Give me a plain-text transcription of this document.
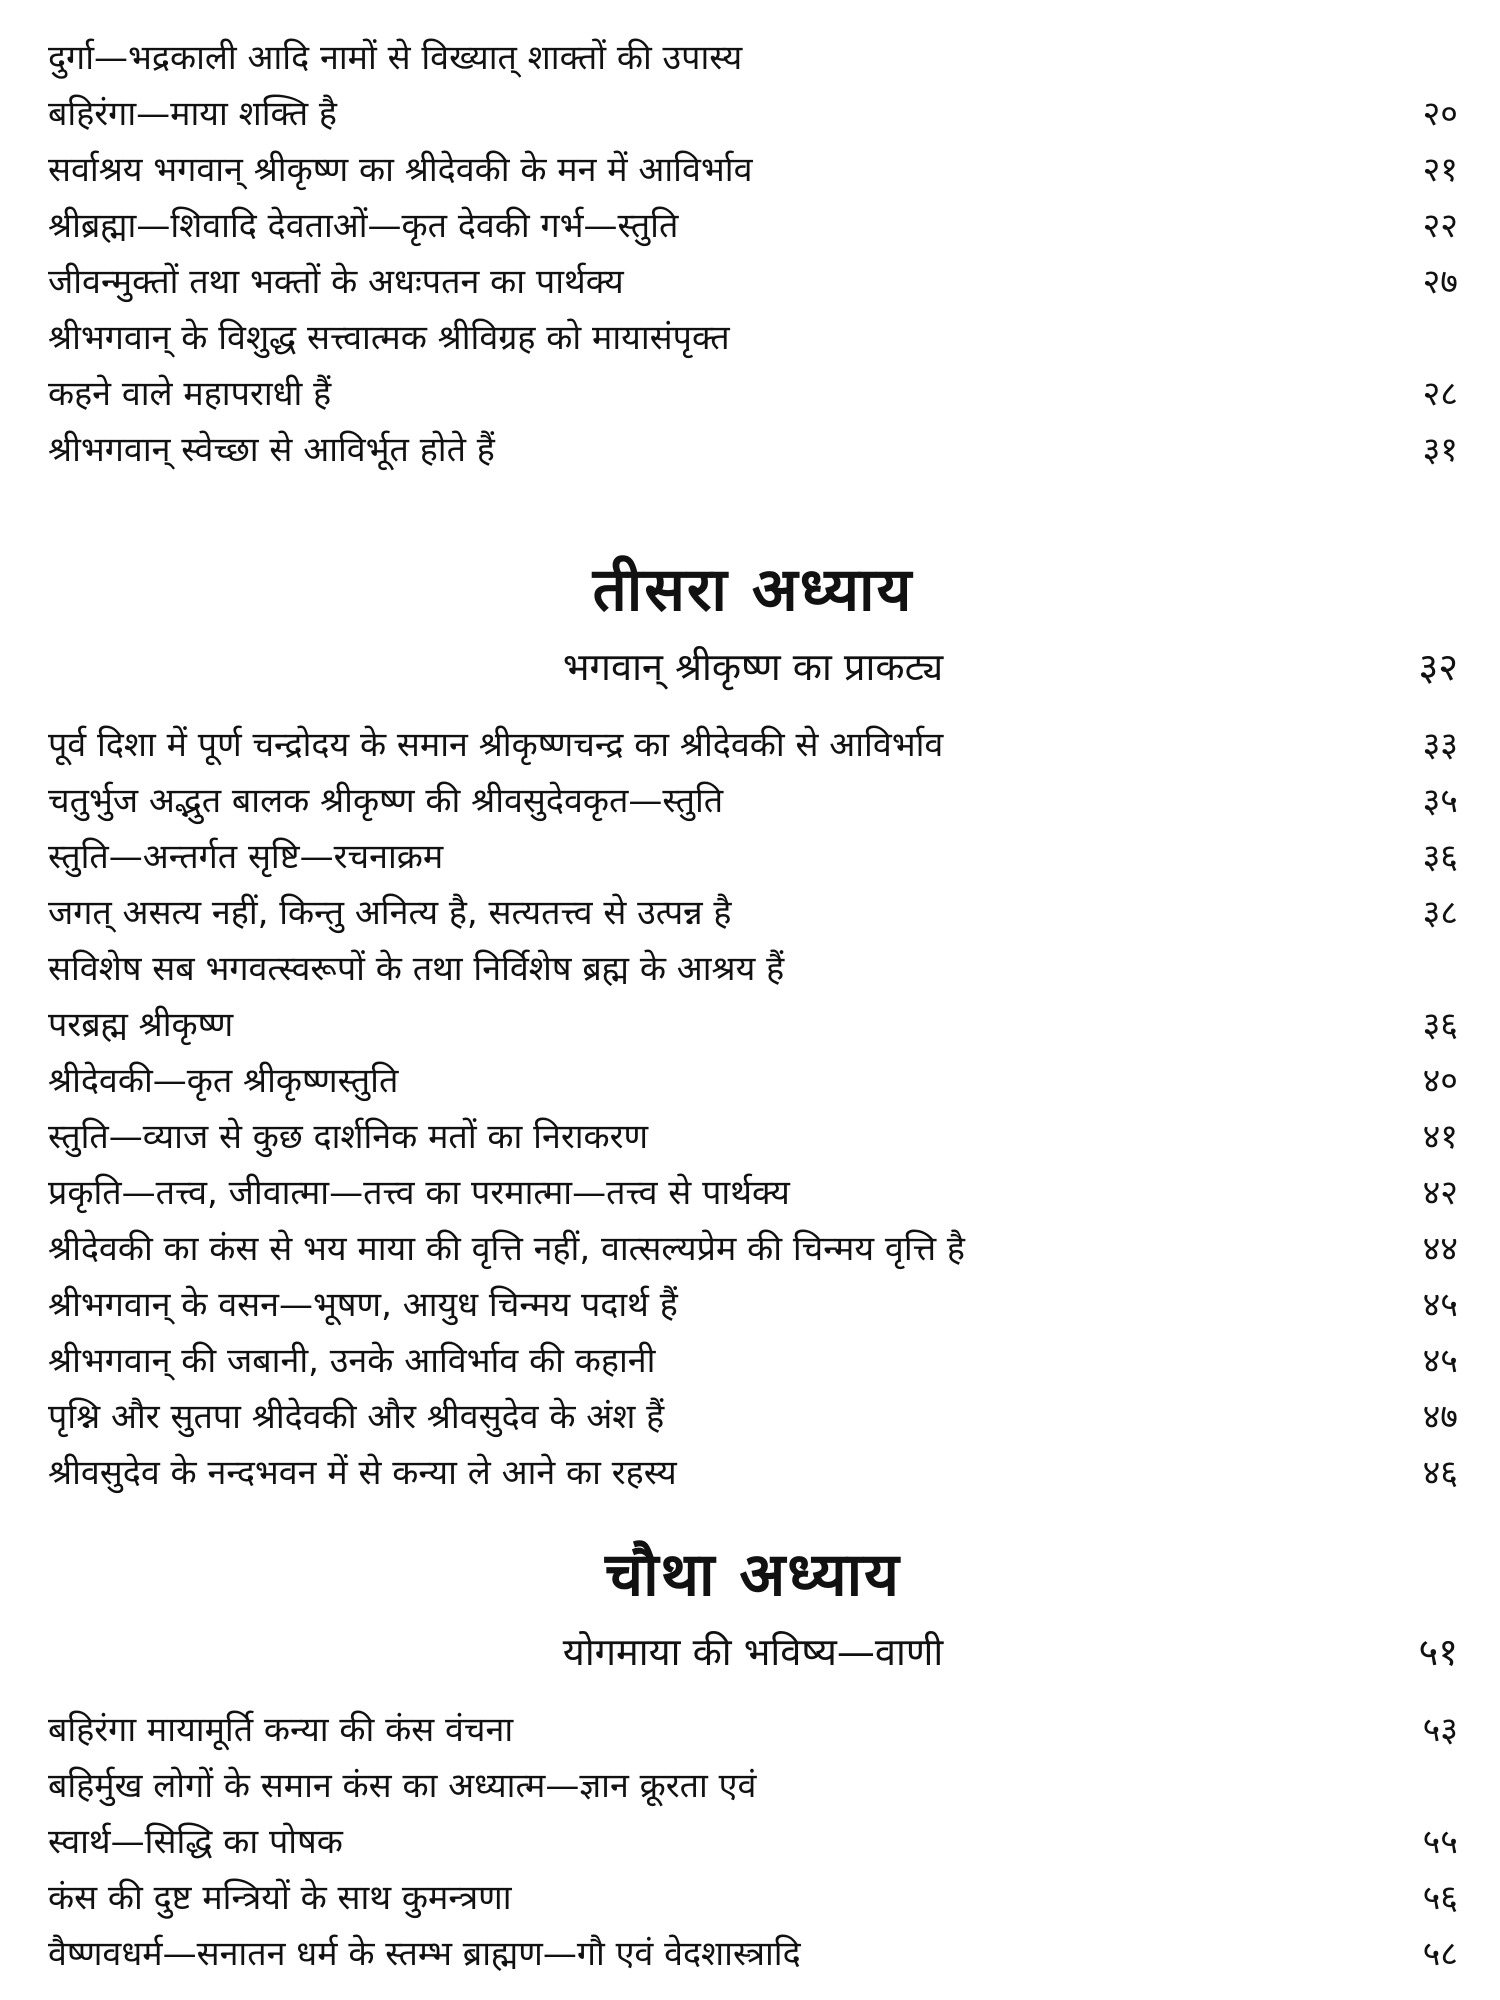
दुर्गा—भद्रकाली आदि नामों से विख्यात् शाक्तों की उपास्य
बहिरंगा—माया शक्ति है	२०
सर्वाश्रय भगवान् श्रीकृष्ण का श्रीदेवकी के मन में आविर्भाव	२१
श्रीब्रह्मा—शिवादि देवताओं—कृत देवकी गर्भ—स्तुति	२२
जीवन्मुक्तों तथा भक्तों के अधःपतन का पार्थक्य	२७
श्रीभगवान् के विशुद्ध सत्त्वात्मक श्रीविग्रह को मायासंपृक्त
कहने वाले महापराधी हैं	२८
श्रीभगवान् स्वेच्छा से आविर्भूत होते हैं	३१
तीसरा अध्याय
भगवान् श्रीकृष्ण का प्राकट्य	३२
पूर्व दिशा में पूर्ण चन्द्रोदय के समान श्रीकृष्णचन्द्र का श्रीदेवकी से आविर्भाव	३३
चतुर्भुज अद्भुत बालक श्रीकृष्ण की श्रीवसुदेवकृत—स्तुति	३५
स्तुति—अन्तर्गत सृष्टि—रचनाक्रम	३६
जगत् असत्य नहीं, किन्तु अनित्य है, सत्यतत्त्व से उत्पन्न है	३८
सविशेष सब भगवत्स्वरूपों के तथा निर्विशेष ब्रह्म के आश्रय हैं
परब्रह्म श्रीकृष्ण	३६
श्रीदेवकी—कृत श्रीकृष्णस्तुति	४०
स्तुति—व्याज से कुछ दार्शनिक मतों का निराकरण	४१
प्रकृति—तत्त्व, जीवात्मा—तत्त्व का परमात्मा—तत्त्व से पार्थक्य	४२
श्रीदेवकी का कंस से भय माया की वृत्ति नहीं, वात्सल्यप्रेम की चिन्मय वृत्ति है	४४
श्रीभगवान् के वसन—भूषण, आयुध चिन्मय पदार्थ हैं	४५
श्रीभगवान् की जबानी, उनके आविर्भाव की कहानी	४५
पृश्नि और सुतपा श्रीदेवकी और श्रीवसुदेव के अंश हैं	४७
श्रीवसुदेव के नन्दभवन में से कन्या ले आने का रहस्य	४६
चौथा अध्याय
योगमाया की भविष्य—वाणी	५१
बहिरंगा मायामूर्ति कन्या की कंस वंचना	५३
बहिर्मुख लोगों के समान कंस का अध्यात्म—ज्ञान क्रूरता एवं
स्वार्थ—सिद्धि का पोषक	५५
कंस की दुष्ट मन्त्रियों के साथ कुमन्त्रणा	५६
वैष्णवधर्म—सनातन धर्म के स्तम्भ ब्राह्मण—गौ एवं वेदशास्त्रादि	५८
